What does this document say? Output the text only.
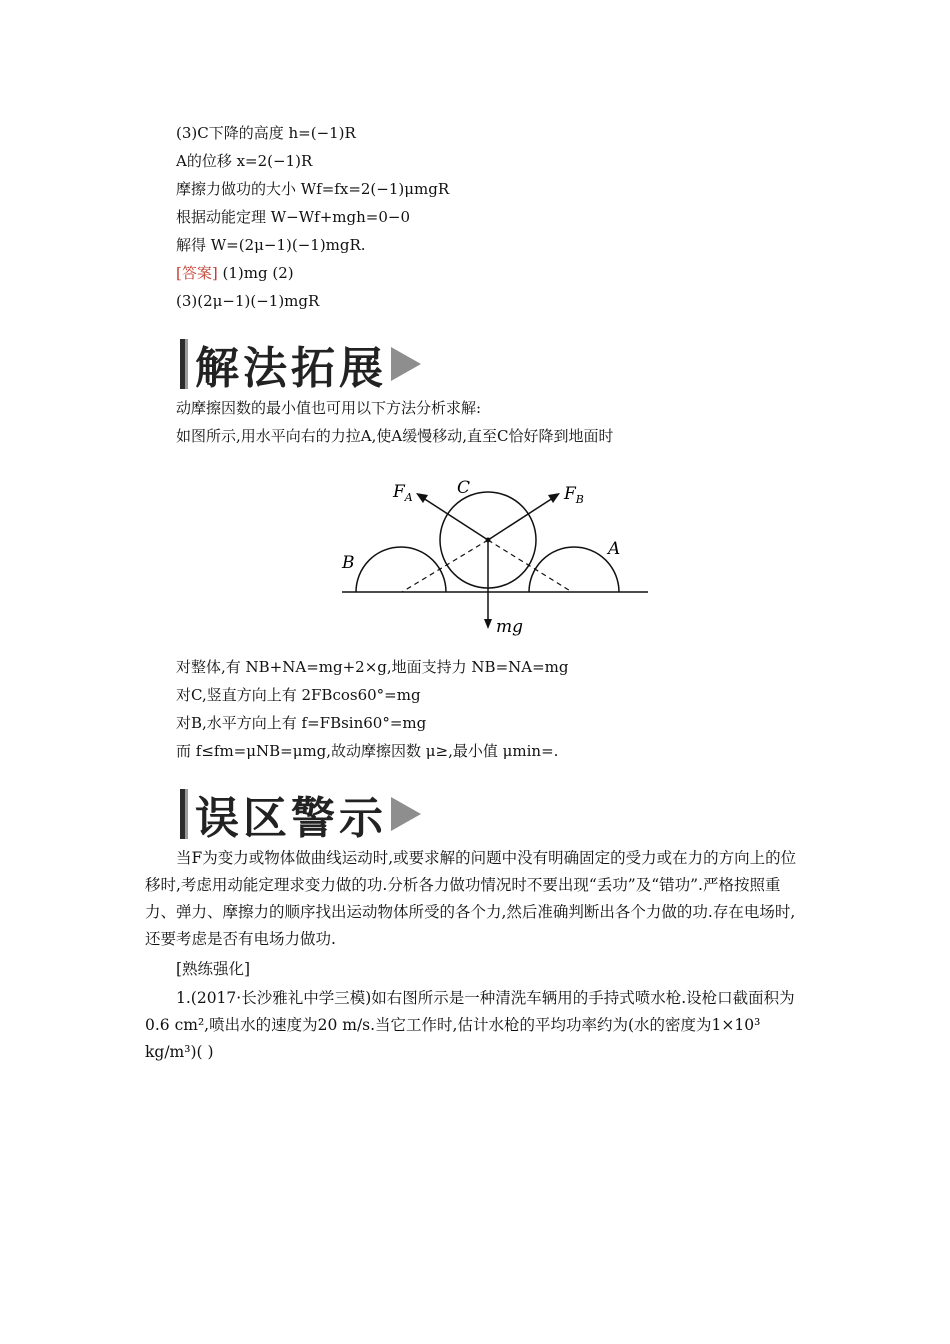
(3)C下降的高度 h=(−1)R
A的位移 x=2(−1)R
摩擦力做功的大小 Wf=fx=2(−1)μmgR
根据动能定理 W−Wf+mgh=0−0
解得 W=(2μ−1)(−1)mgR.
[答案] (1)mg (2)
(3)(2μ−1)(−1)mgR
解法拓展
动摩擦因数的最小值也可用以下方法分析求解:
如图所示,用水平向右的力拉A,使A缓慢移动,直至C恰好降到地面时
$F_A$	$F_B$
C
B
A
mg
对整体,有 NB+NA=mg+2×g,地面支持力 NB=NA=mg
对C,竖直方向上有 2FBcos60°=mg
对B,水平方向上有 f=FBsin60°=mg
而 f≤fm=μNB=μmg,故动摩擦因数 μ≥,最小值 μmin=.
误区警示
当F为变力或物体做曲线运动时,或要求解的问题中没有明确固定的受力或在力的方向上的位移时,考虑用动能定理求变力做的功.分析各力做功情况时不要出现“丢功”及“错功”.严格按照重力、弹力、摩擦力的顺序找出运动物体所受的各个力,然后准确判断出各个力做的功.存在电场时,还要考虑是否有电场力做功.
[熟练强化]
1.(2017·长沙雅礼中学三模)如右图所示是一种清洗车辆用的手持式喷水枪.设枪口截面积为0.6 cm²,喷出水的速度为20 m/s.当它工作时,估计水枪的平均功率约为(水的密度为1×10³ kg/m³)( )
